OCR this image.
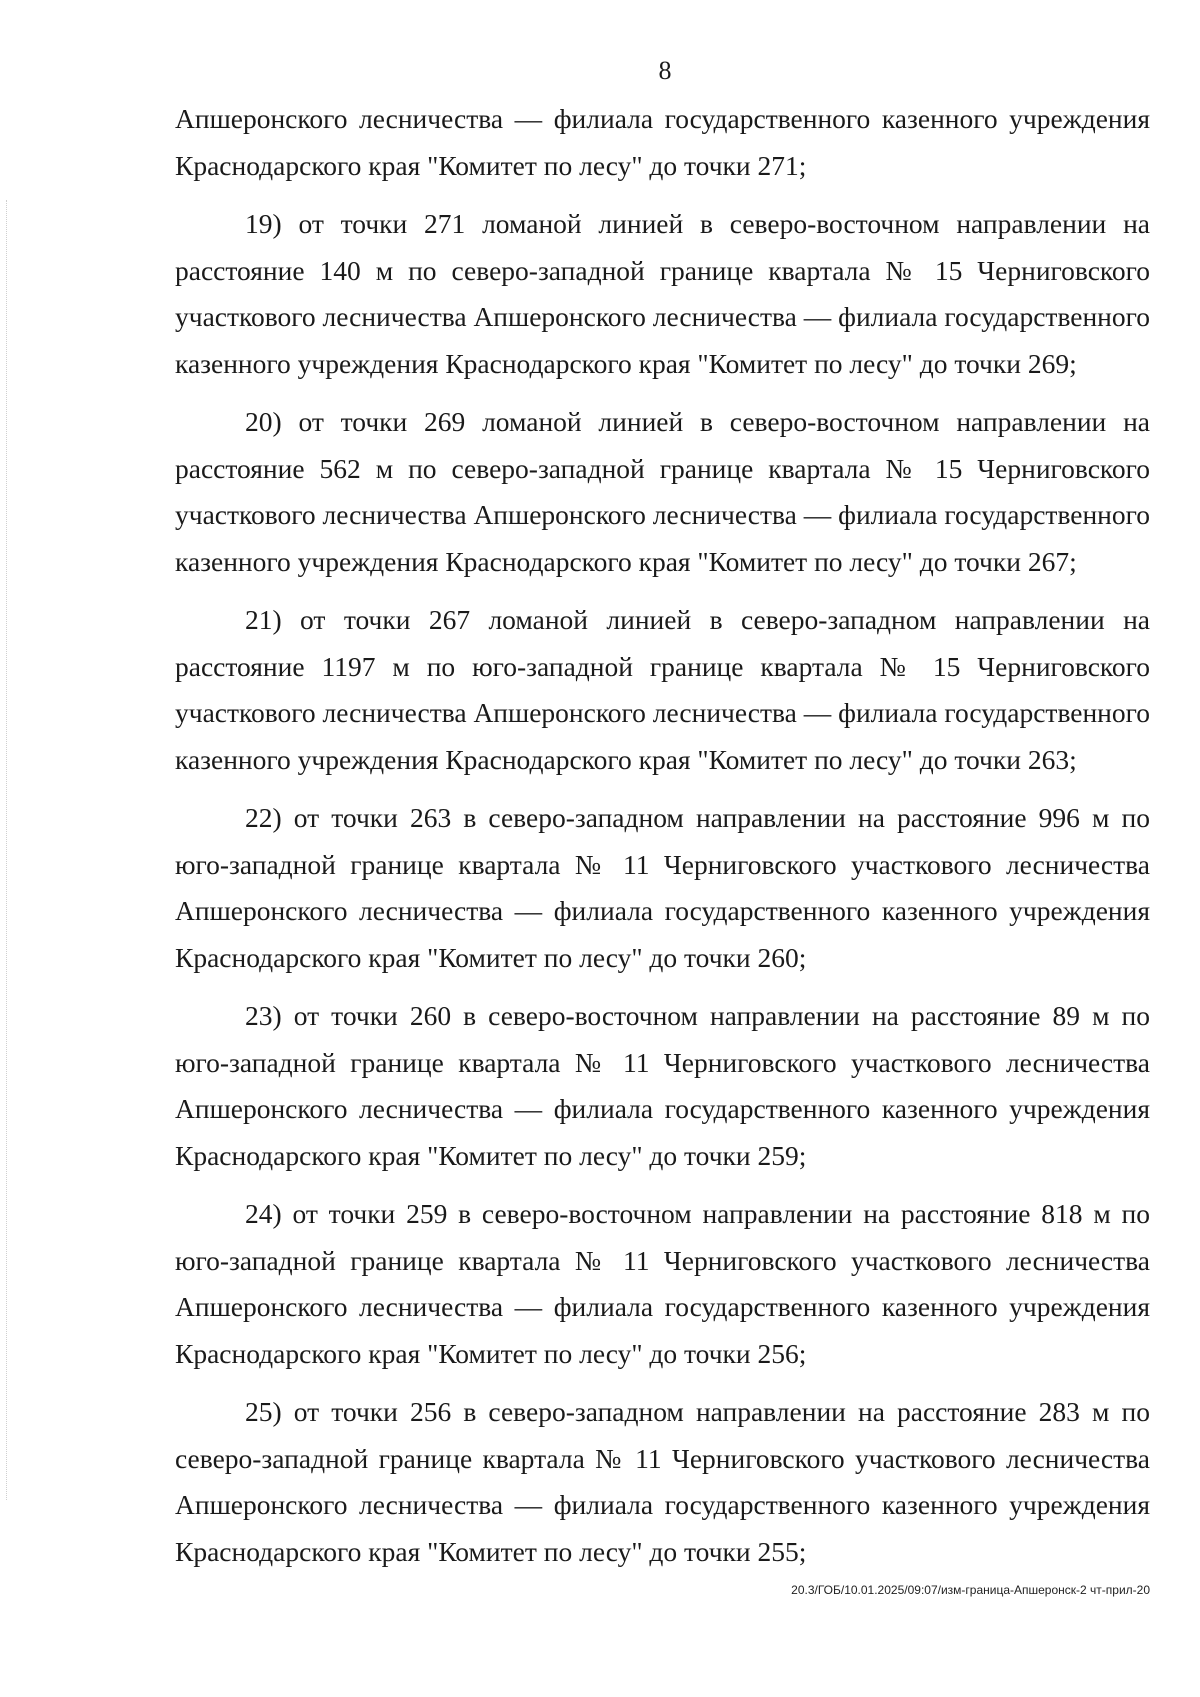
8

Апшеронского лесничества — филиала государственного казенного учреждения Краснодарского края "Комитет по лесу" до точки 271;

19) от точки 271 ломаной линией в северо-восточном направлении на расстояние 140 м по северо-западной границе квартала № 15 Черниговского участкового лесничества Апшеронского лесничества — филиала государственного казенного учреждения Краснодарского края "Комитет по лесу" до точки 269;

20) от точки 269 ломаной линией в северо-восточном направлении на расстояние 562 м по северо-западной границе квартала № 15 Черниговского участкового лесничества Апшеронского лесничества — филиала государственного казенного учреждения Краснодарского края "Комитет по лесу" до точки 267;

21) от точки 267 ломаной линией в северо-западном направлении на расстояние 1197 м по юго-западной границе квартала № 15 Черниговского участкового лесничества Апшеронского лесничества — филиала государственного казенного учреждения Краснодарского края "Комитет по лесу" до точки 263;

22) от точки 263 в северо-западном направлении на расстояние 996 м по юго-западной границе квартала № 11 Черниговского участкового лесничества Апшеронского лесничества — филиала государственного казенного учреждения Краснодарского края "Комитет по лесу" до точки 260;

23) от точки 260 в северо-восточном направлении на расстояние 89 м по юго-западной границе квартала № 11 Черниговского участкового лесничества Апшеронского лесничества — филиала государственного казенного учреждения Краснодарского края "Комитет по лесу" до точки 259;

24) от точки 259 в северо-восточном направлении на расстояние 818 м по юго-западной границе квартала № 11 Черниговского участкового лесничества Апшеронского лесничества — филиала государственного казенного учреждения Краснодарского края "Комитет по лесу" до точки 256;

25) от точки 256 в северо-западном направлении на расстояние 283 м по северо-западной границе квартала № 11 Черниговского участкового лесничества Апшеронского лесничества — филиала государственного казенного учреждения Краснодарского края "Комитет по лесу" до точки 255;

20.3/ГОБ/10.01.2025/09:07/изм-граница-Апшеронск-2 чт-прил-20
